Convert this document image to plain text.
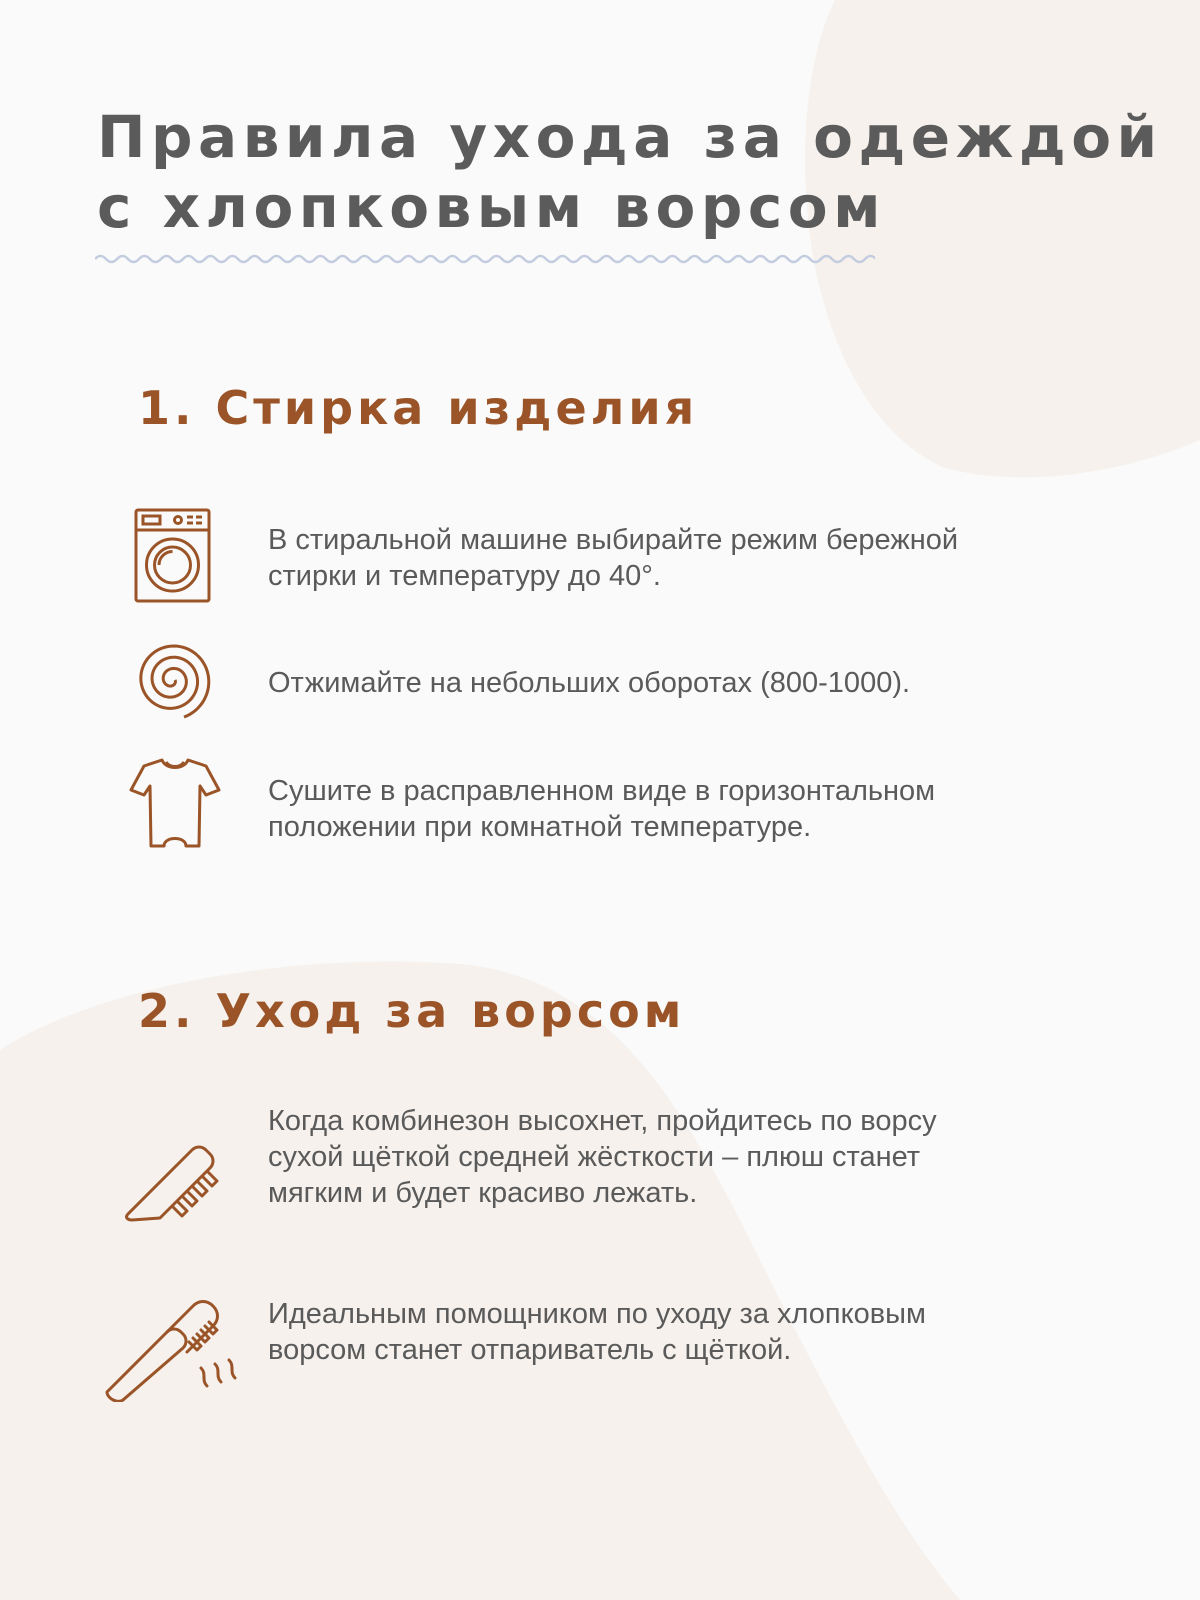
Правила ухода за одеждой
с хлопковым ворсом
1. Стирка изделия

В стиральной машине выбирайте режим бережной
стирки и температуру до 40°.

Отжимайте на небольших оборотах (800-1000).

Сушите в расправленном виде в горизонтальном
положении при комнатной температуре.

2. Уход за ворсом

Когда комбинезон высохнет, пройдитесь по ворсу
сухой щёткой средней жёсткости – плюш станет
мягким и будет красиво лежать.

Идеальным помощником по уходу за хлопковым
ворсом станет отпариватель с щёткой.
